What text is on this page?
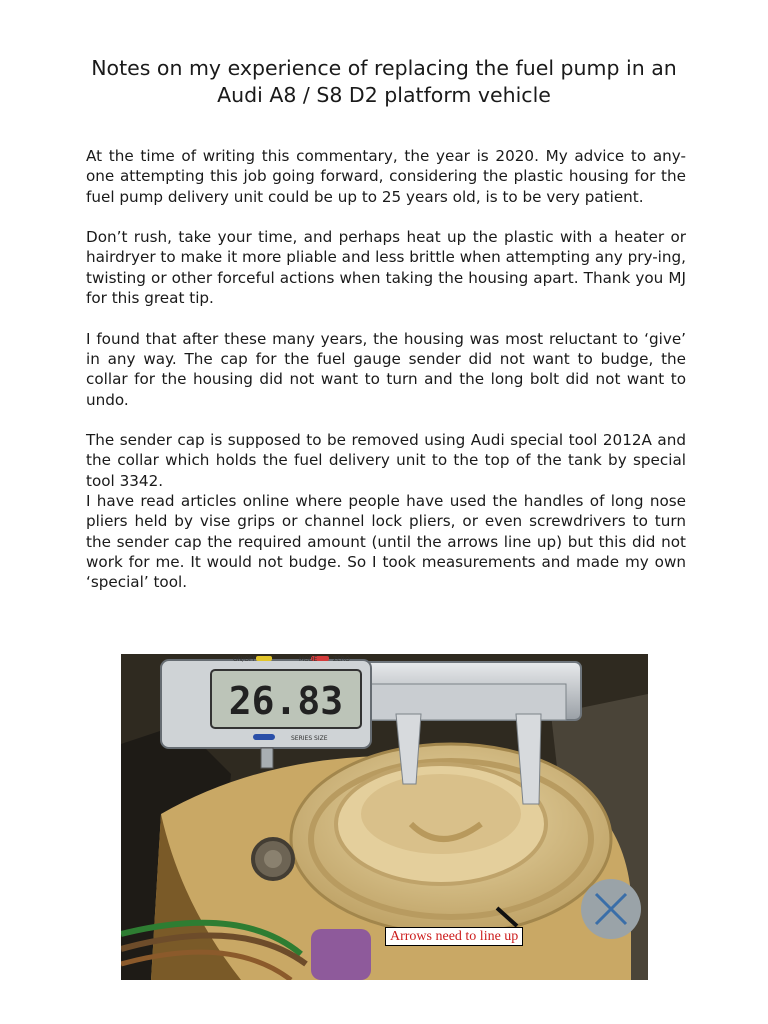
Notes on my experience of replacing the fuel pump in an
Audi A8 / S8 D2 platform vehicle

At the time of writing this commentary, the year is 2020. My advice to any-one attempting this job going forward, considering the plastic housing for the fuel pump delivery unit could be up to 25 years old, is to be very patient.

Don’t rush, take your time, and perhaps heat up the plastic with a heater or hairdryer to make it more pliable and less brittle when attempting any pry-ing, twisting or other forceful actions when taking the housing apart. Thank you MJ for this great tip.

I found that after these many years, the housing was most reluctant to ‘give’ in any way. The cap for the fuel gauge sender did not want to budge, the collar for the housing did not want to turn and the long bolt did not want to undo.

The sender cap is supposed to be removed using Audi special tool 2012A and the collar which holds the fuel delivery unit to the top of the tank by special tool 3342.

I have read articles online where people have used the handles of long nose pliers held by vise grips or channel lock pliers, or even screwdrivers to turn the sender cap the required amount (until the arrows line up) but this did not work for me. It would not budge. So I took measurements and made my own ‘special’ tool.

26.83
SERIES SIZE
ON/OFF	MODE	ZERO
Arrows need to line up
